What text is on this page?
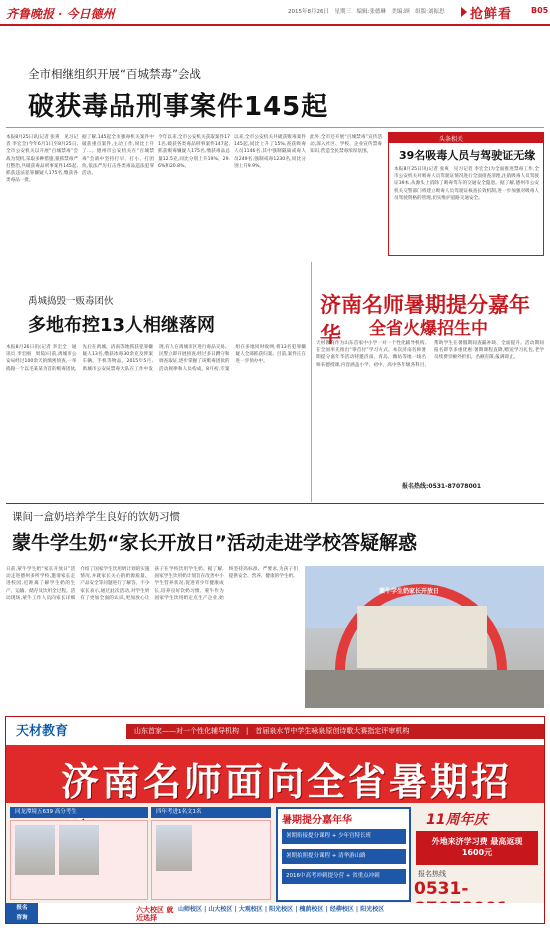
齐鲁晚报 · 今日德州	2015年8月26日　星期三　编辑:张德琳　美编:顾　组版:刘振思 抢鲜看	B05
全市相继组织开展“百城禁毒”会战
破获毒品刑事案件145起
本报8月25日讯(记者 张爽　见习记者 李宏全)今年6月1日至8月25日,全市公安机关以开展“百城禁毒”会战为契机,采取多种措施,狠抓禁毒严打整治,共破获毒品刑事案件145起,抓获违法犯罪嫌疑人175名,缴获各类毒品一批。
据了解,145起全市强毒机关案件中破获重点案件,主动工作,同比上升了...。德州市公安机关在“百城禁毒”会战中坚持打早、打小、打团伙,依法严厉打击各类毒品违法犯罪活动。
今年以来,全市公安机关获取案件171名,破获各类毒品刑事案件147起,抓获贩毒嫌疑人175名,缴获毒品总量12.5克,同比分别上升19%、29.6%和20.8%。
以来,全市公安机关共破获贩毒案件145起,同比上升了15%,查获吸毒人员1146名,其中强制隔离戒毒人员249名,强制戒毒1230名,同比分别上升9.9%。
此外,全市还开展“百城禁毒”宣传活动,深入社区、学校、企业宣传禁毒知识,营造全民禁毒浓厚氛围。
头条相关
39名吸毒人员与驾驶证无缘
本报8月25日讯(记者 张爽　见习记者 李宏全)为全面推进禁毒工作,全市公安机关对吸毒人员驾驶证情况进行全面排查清理,注销吸毒人员驾驶证39本,从源头上消除了吸毒驾车的交通安全隐患。据了解,德州市公安机关交警部门将建立吸毒人员驾驶证核查长效机制,进一步加强对吸毒人员驾驶资格的管理,切实维护道路交通安全。
禹城捣毁一贩毒团伙
多地布控13人相继落网
本报8月26日讯(记者 李宏全　通讯员 李宏刚　周茹)日前,禹城市公安局经过100余天的缜密侦查,一举捣毁一个以毛某某为首的贩毒团伙,先后在禹城、济南等地抓获犯罪嫌疑人13名,缴获冰毒30余克及涉案车辆、手机等物品。2015年5月,禹城市公安局禁毒大队在工作中发现,有人在禹城市区进行毒品交易。民警立即开展侦查,经过多日蹲守和调查取证,逐步掌握了该贩毒团伙的活动规律和人员构成。8月初,专案组在多地同时收网,将13名犯罪嫌疑人全部抓获归案。目前,案件正在进一步侦办中。
济南名师暑期提分嘉年华	全省火爆招生中
天材教育作为山东首家中小学一对一个性化辅导机构,在全国率先推出“零首付”学习方式。本次济南名师暑期提分嘉年华活动特邀济南、青岛、潍坊等地一线名师来德授课,内容涵盖小学、初中、高中各年级各科目,帮助学生在暑假期间查漏补缺、全面提升。活动期间报名即享多重优惠:暑期课程直降,赠送学习礼包,老学员续费享额外折扣。名额有限,报满即止。
报名热线:0531-87078001
课间一盒奶培养学生良好的饮奶习惯
蒙牛学生奶“家长开放日”活动走进学校答疑解惑
日前,蒙牛学生奶“家长开放日”活动走进德州多所学校,邀请家长走进校园,近距离了解学生奶的生产、运输、储存及饮用全过程。活动现场,蒙牛工作人员向家长详细介绍了国家学生饮用奶计划的实施情况,并就家长关心的奶源质量、产品安全等问题进行了解答。不少家长表示,通过此次活动,对学生奶有了更加全面的认识,更加放心让孩子在学校饮用学生奶。据了解,国家学生饮用奶计划旨在改善中小学生营养状况,促进青少年健康成长,培养良好饮奶习惯。蒙牛作为国家学生饮用奶定点生产企业,始终坚持高标准、严要求,为孩子们提供安全、营养、健康的学生奶。
蒙牛学生奶家长开放日
天材教育	山东首家——对一个性化辅导机构　|　首届泉水节中学生咏泉原创诗歌大赛指定评审机构
济南名师面向全省暑期招
同龙潭境五639 高分考生	四年考进1名文1名
暑期提分嘉年华
暑期衔接提分课程 + 少年宫特长班
暑期拍照提分课程 + 清华游山路
2016中高考冲刺提分营 + 省重点冲刺
11周年庆
外地来济学习费 最高返现1600元
报名热线
0531-
报名
咨询
六大校区 就近选择
山师校区 | 山大校区 | 大观校区 | 阳光校区 | 槐荫校区 | 经柳校区 | 阳光校区
